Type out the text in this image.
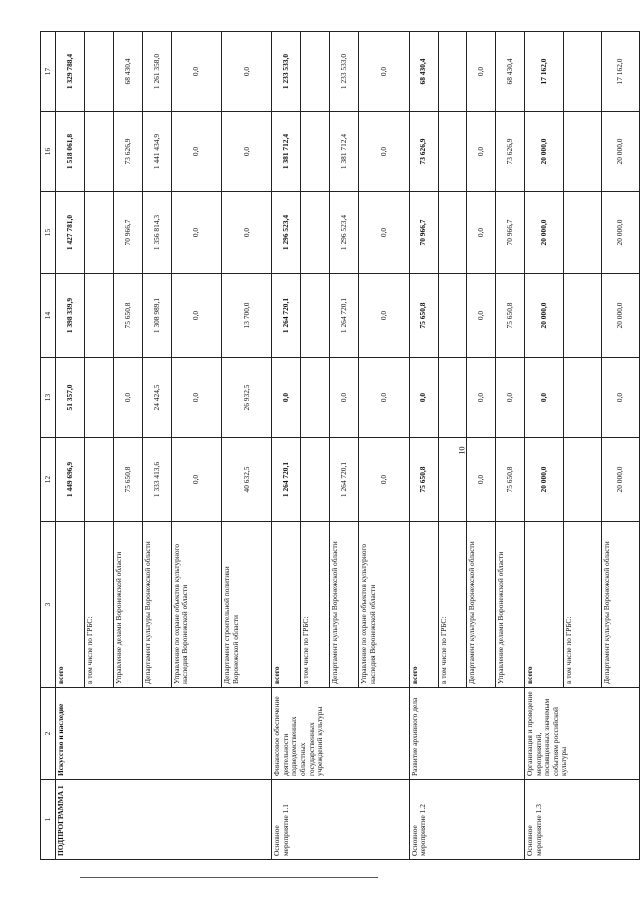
10
1	2	3	12	13	14	15	16	17
ПОДПРОГРАММА 1	Искусство и наследие	всего	1 449 696,9	51 357,0	1 398 339,9	1 427 781,0	1 518 061,8	1 329 788,4
		в том числе по ГРБС:						
		Управление делами Воронежской области	75 650,8	0,0	75 650,8	70 966,7	73 626,9	68 430,4
		Департамент культуры Воронежской области	1 333 413,6	24 424,5	1 308 989,1	1 356 814,3	1 441 434,9	1 261 358,0
		Управление по охране объектов культурного наследия Воронежской области	0,0	0,0	0,0	0,0	0,0	0,0
		Департамент строительной политики Воронежской области	40 632,5	26 932,5	13 700,0	0,0	0,0	0,0
Основное мероприятие 1.1	Финансовое обеспечение деятельности подведомственных областных государственных учреждений культуры	всего	1 264 720,1	0,0	1 264 720,1	1 296 523,4	1 381 712,4	1 233 533,0
		в том числе по ГРБС:						
		Департамент культуры Воронежской области	1 264 720,1	0,0	1 264 720,1	1 296 523,4	1 381 712,4	1 233 533,0
		Управление по охране объектов культурного наследия Воронежской области	0,0	0,0	0,0	0,0	0,0	0,0
Основное мероприятие 1.2	Развитие архивного дела	всего	75 650,8	0,0	75 650,8	70 966,7	73 626,9	68 430,4
		в том числе по ГРБС:						
		Департамент культуры Воронежской области	0,0	0,0	0,0	0,0	0,0	0,0
		Управление делами Воронежской области	75 650,8	0,0	75 650,8	70 966,7	73 626,9	68 430,4
Основное мероприятие 1.3	Организация и проведение мероприятий, посвященных значимым событиям российской культуры	всего	20 000,0	0,0	20 000,0	20 000,0	20 000,0	17 162,0
		в том числе по ГРБС:						
		Департамент культуры Воронежской области	20 000,0	0,0	20 000,0	20 000,0	20 000,0	17 162,0
